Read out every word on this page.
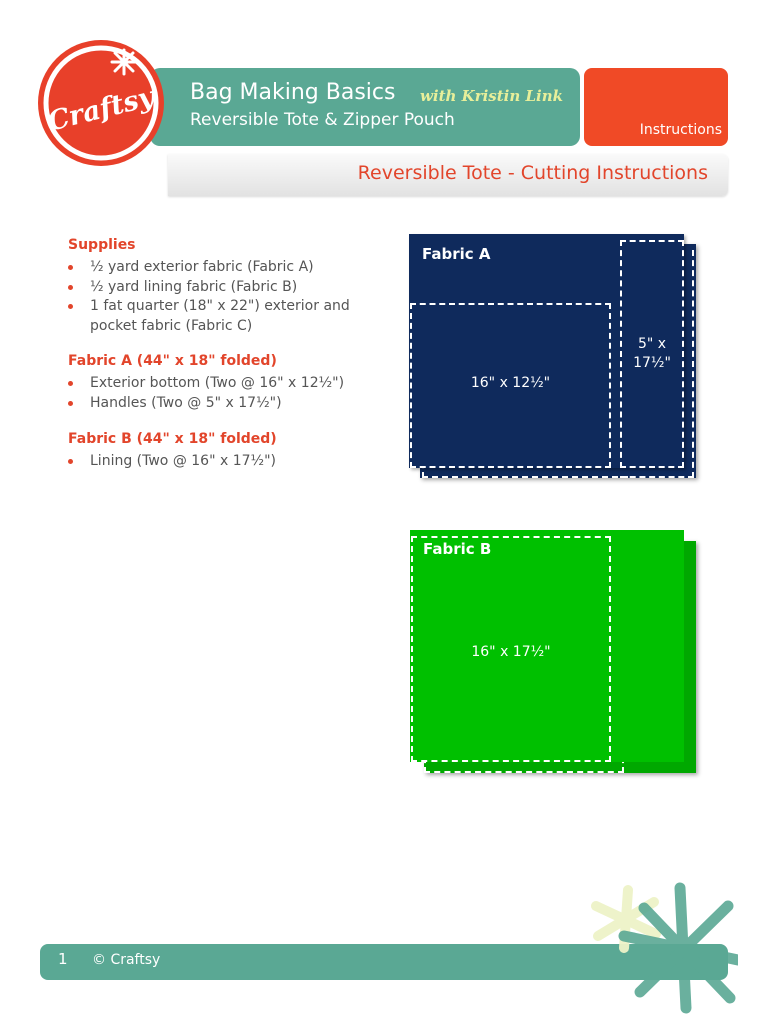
Bag Making Basics with Kristin Link
Reversible Tote & Zipper Pouch	Instructions
Craftsy
Reversible Tote - Cutting Instructions
Supplies
½ yard exterior fabric (Fabric A)
½ yard lining fabric (Fabric B)
1 fat quarter (18" x 22") exterior and
pocket fabric (Fabric C)
Fabric A (44" x 18" folded)
Exterior bottom (Two @ 16" x 12½")
Handles (Two @ 5" x 17½")
Fabric B (44" x 18" folded)
Lining (Two @ 16" x 17½")
Fabric A
16" x 12½"
5" x
17½"
Fabric B
16" x 17½"
1 © Craftsy
